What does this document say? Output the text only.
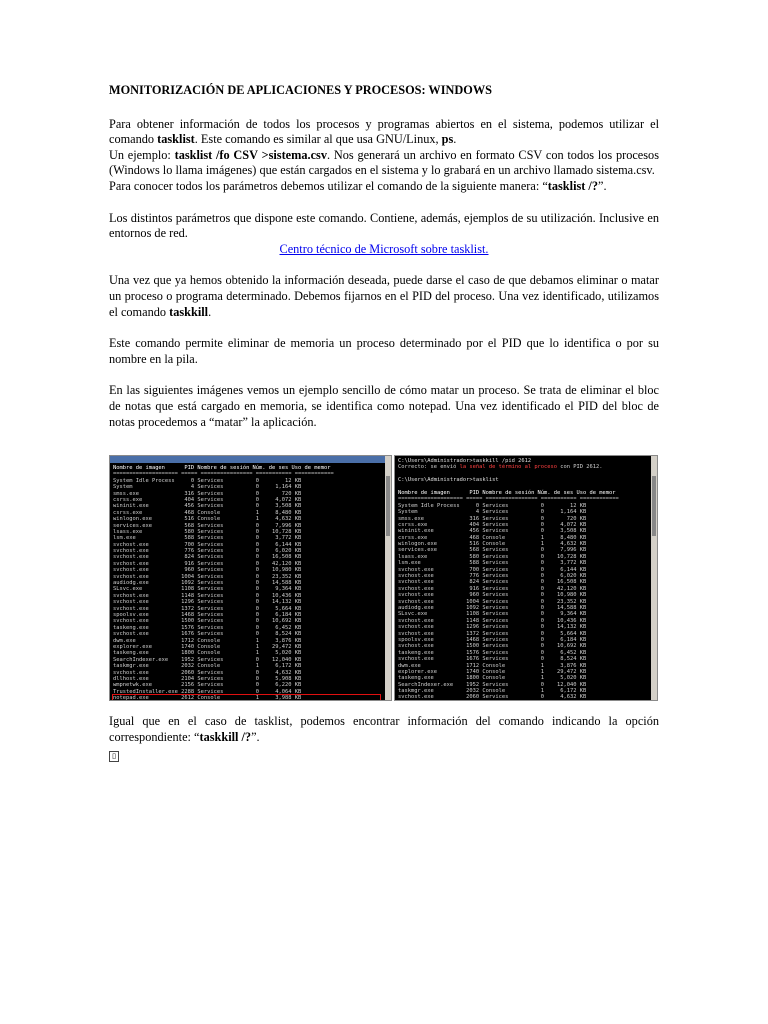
MONITORIZACIÓN DE APLICACIONES Y PROCESOS: WINDOWS

Para obtener información de todos los procesos y programas abiertos en el sistema, podemos utilizar el comando tasklist. Este comando es similar al que usa GNU/Linux, ps.

Un ejemplo: tasklist /fo CSV >sistema.csv. Nos generará un archivo en formato CSV con todos los procesos (Windows lo llama imágenes) que están cargados en el sistema y lo grabará en un archivo llamado sistema.csv.

Para conocer todos los parámetros debemos utilizar el comando de la siguiente manera: “tasklist /?”.

Los distintos parámetros que dispone este comando. Contiene, además, ejemplos de su utilización. Inclusive en entornos de red.

Centro técnico de Microsoft sobre tasklist.

Una vez que ya hemos obtenido la información deseada, puede darse el caso de que debamos eliminar o matar un proceso o programa determinado. Debemos fijarnos en el PID del proceso. Una vez identificado, utilizamos el comando taskkill.

Este comando permite eliminar de memoria un proceso determinado por el PID que lo identifica o por su nombre en la pila.

En las siguientes imágenes vemos un ejemplo sencillo de cómo matar un proceso. Se trata de eliminar el bloc de notas que está cargado en memoria, se identifica como notepad. Una vez identificado el PID del bloc de notas procedemos a “matar” la aplicación.

Nombre de imagen      PID Nombre de sesión Núm. de ses Uso de memor
==================== ===== ================ =========== ============
System Idle Process     0 Services          0        12 KB
System                  4 Services          0     1,164 KB
smss.exe              316 Services          0       720 KB
csrss.exe             404 Services          0     4,072 KB
wininit.exe           456 Services          0     3,508 KB
csrss.exe             468 Console           1     8,480 KB
winlogon.exe          516 Console           1     4,632 KB
services.exe          568 Services          0     7,996 KB
lsass.exe             580 Services          0    10,728 KB
lsm.exe               588 Services          0     3,772 KB
svchost.exe           700 Services          0     6,144 KB
svchost.exe           776 Services          0     6,020 KB
svchost.exe           824 Services          0    16,508 KB
svchost.exe           916 Services          0    42,120 KB
svchost.exe           960 Services          0    10,980 KB
svchost.exe          1004 Services          0    23,352 KB
audiodg.exe          1092 Services          0    14,588 KB
SLsvc.exe            1108 Services          0     9,364 KB
svchost.exe          1148 Services          0    10,436 KB
svchost.exe          1296 Services          0    14,132 KB
svchost.exe          1372 Services          0     5,664 KB
spoolsv.exe          1468 Services          0     6,184 KB
svchost.exe          1500 Services          0    10,692 KB
taskeng.exe          1576 Services          0     6,452 KB
svchost.exe          1676 Services          0     8,524 KB
dwm.exe              1712 Console           1     3,876 KB
explorer.exe         1740 Console           1    29,472 KB
taskeng.exe          1800 Console           1     5,020 KB
SearchIndexer.exe    1952 Services          0    12,040 KB
taskmgr.exe          2032 Console           1     6,172 KB
svchost.exe          2060 Services          0     4,632 KB
dllhost.exe          2104 Services          0     5,908 KB
wmpnetwk.exe         2156 Services          0     6,220 KB
TrustedInstaller.exe 2288 Services          0     4,064 KB
notepad.exe          2612 Console           1     3,988 KB

C:\Users\Administrador>taskkill /pid 2612
Correcto: se envió la señal de término al proceso con PID 2612.

C:\Users\Administrador>tasklist

Nombre de imagen      PID Nombre de sesión Núm. de ses Uso de memor
==================== ===== ================ =========== ============
System Idle Process     0 Services          0        12 KB
System                  4 Services          0     1,164 KB
smss.exe              316 Services          0       720 KB
csrss.exe             404 Services          0     4,072 KB
wininit.exe           456 Services          0     3,508 KB
csrss.exe             468 Console           1     8,480 KB
winlogon.exe          516 Console           1     4,632 KB
services.exe          568 Services          0     7,996 KB
lsass.exe             580 Services          0    10,728 KB
lsm.exe               588 Services          0     3,772 KB
svchost.exe           700 Services          0     6,144 KB
svchost.exe           776 Services          0     6,020 KB
svchost.exe           824 Services          0    16,508 KB
svchost.exe           916 Services          0    42,120 KB
svchost.exe           960 Services          0    10,980 KB
svchost.exe          1004 Services          0    23,352 KB
audiodg.exe          1092 Services          0    14,588 KB
SLsvc.exe            1108 Services          0     9,364 KB
svchost.exe          1148 Services          0    10,436 KB
svchost.exe          1296 Services          0    14,132 KB
svchost.exe          1372 Services          0     5,664 KB
spoolsv.exe          1468 Services          0     6,184 KB
svchost.exe          1500 Services          0    10,692 KB
taskeng.exe          1576 Services          0     6,452 KB
svchost.exe          1676 Services          0     8,524 KB
dwm.exe              1712 Console           1     3,876 KB
explorer.exe         1740 Console           1    29,472 KB
taskeng.exe          1800 Console           1     5,020 KB
SearchIndexer.exe    1952 Services          0    12,040 KB
taskmgr.exe          2032 Console           1     6,172 KB
svchost.exe          2060 Services          0     4,632 KB

Igual que en el caso de tasklist, podemos encontrar información del comando indicando la opción correspondiente: “taskkill /?”.

▯
